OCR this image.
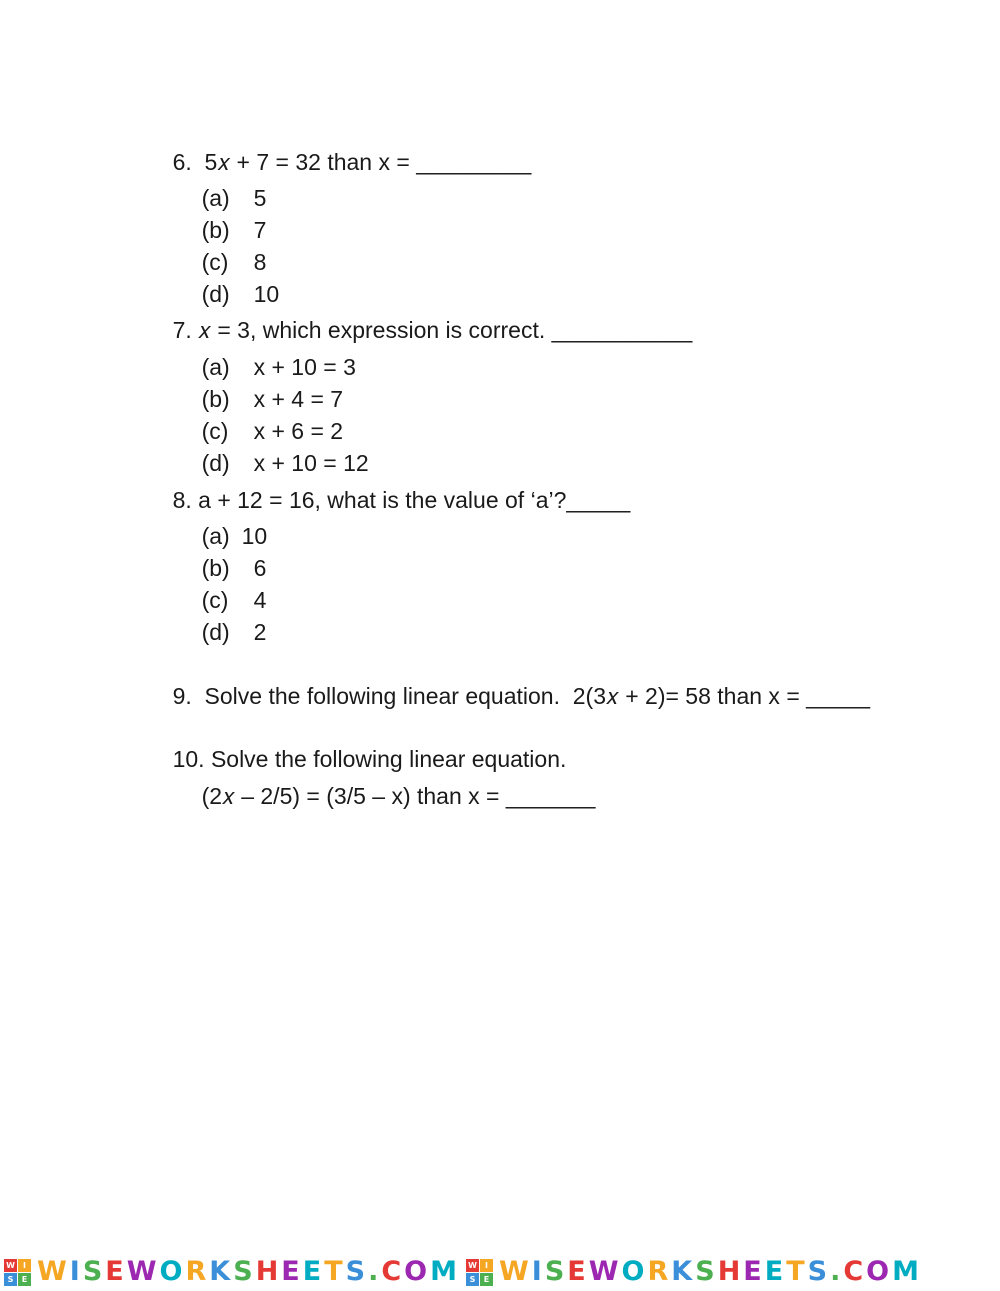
6. 5𝑥 + 7 = 32 than x = _________

(a) 5

(b) 7

(c) 8

(d) 10

7. 𝑥 = 3, which expression is correct. ___________

(a) x + 10 = 3

(b) x + 4 = 7

(c) x + 6 = 2

(d) x + 10 = 12

8. a + 12 = 16, what is the value of ‘a’?_____

(a) 10

(b) 6

(c) 4

(d) 2

9. Solve the following linear equation.  2(3𝑥 + 2)= 58 than x = _____

10. Solve the following linear equation.

(2𝑥 – 2/5) = (3/5 – x) than x = _______

W	I
S	E WISEWORKSHEETS.COM W	I
S	E WISEWORKSHEETS.COM
